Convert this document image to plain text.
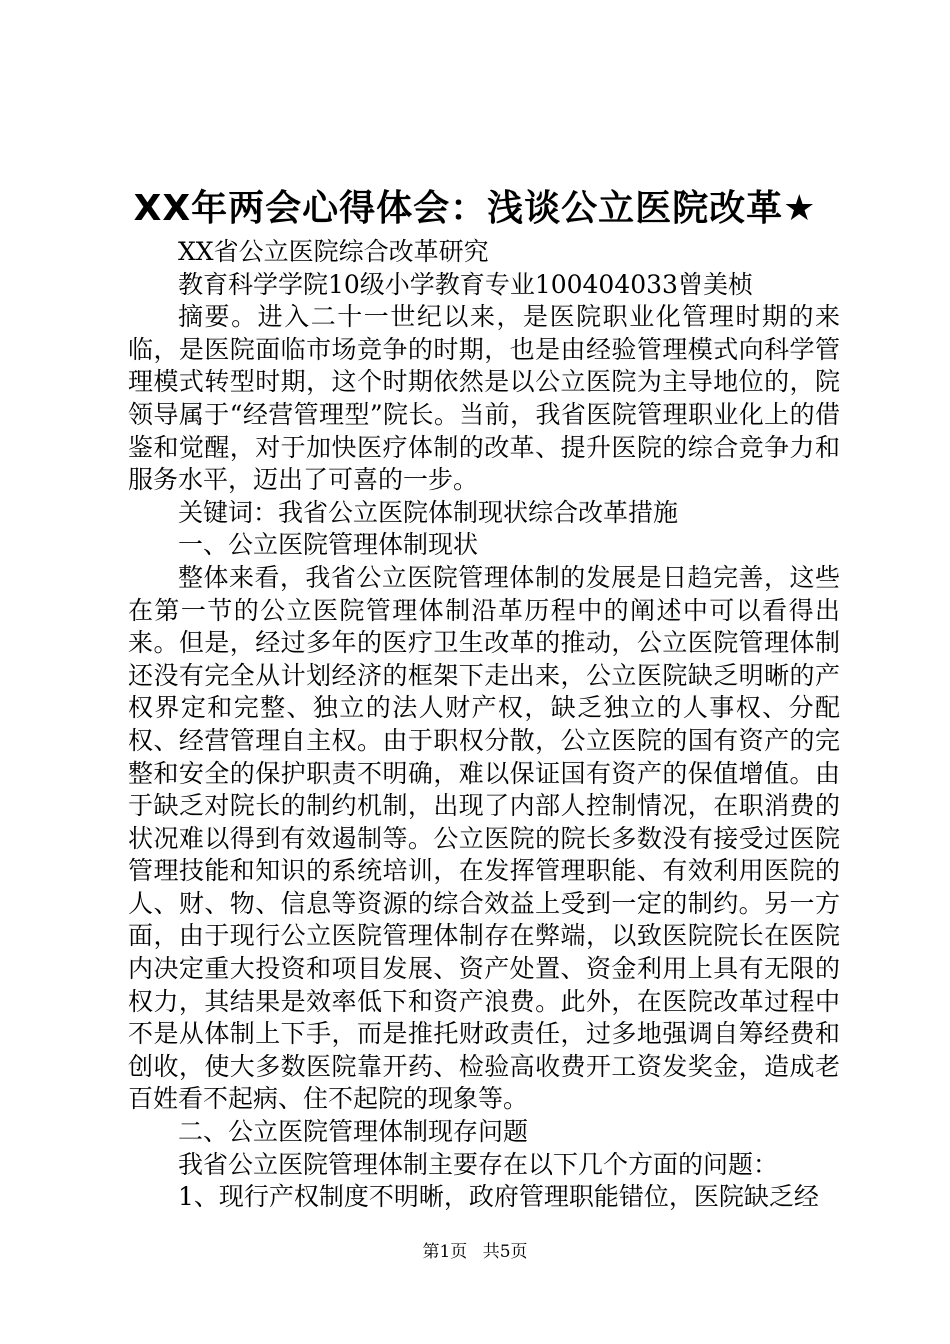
XX年两会心得体会：浅谈公立医院改革★

XX省公立医院综合改革研究

教育科学学院10级小学教育专业100404033曾美桢

摘要。进入二十一世纪以来，是医院职业化管理时期的来临，是医院面临市场竞争的时期，也是由经验管理模式向科学管理模式转型时期，这个时期依然是以公立医院为主导地位的，院领导属于“经营管理型”院长。当前，我省医院管理职业化上的借鉴和觉醒，对于加快医疗体制的改革、提升医院的综合竞争力和服务水平，迈出了可喜的一步。

关键词：我省公立医院体制现状综合改革措施

一、公立医院管理体制现状

整体来看，我省公立医院管理体制的发展是日趋完善，这些在第一节的公立医院管理体制沿革历程中的阐述中可以看得出来。但是，经过多年的医疗卫生改革的推动，公立医院管理体制还没有完全从计划经济的框架下走出来，公立医院缺乏明晰的产权界定和完整、独立的法人财产权，缺乏独立的人事权、分配权、经营管理自主权。由于职权分散，公立医院的国有资产的完整和安全的保护职责不明确，难以保证国有资产的保值增值。由于缺乏对院长的制约机制，出现了内部人控制情况，在职消费的状况难以得到有效遏制等。公立医院的院长多数没有接受过医院管理技能和知识的系统培训，在发挥管理职能、有效利用医院的人、财、物、信息等资源的综合效益上受到一定的制约。另一方面，由于现行公立医院管理体制存在弊端，以致医院院长在医院内决定重大投资和项目发展、资产处置、资金利用上具有无限的权力，其结果是效率低下和资产浪费。此外，在医院改革过程中不是从体制上下手，而是推托财政责任，过多地强调自筹经费和创收，使大多数医院靠开药、检验高收费开工资发奖金，造成老百姓看不起病、住不起院的现象等。

二、公立医院管理体制现存问题

我省公立医院管理体制主要存在以下几个方面的问题：

1、现行产权制度不明晰，政府管理职能错位，医院缺乏经

第1页 共5页
